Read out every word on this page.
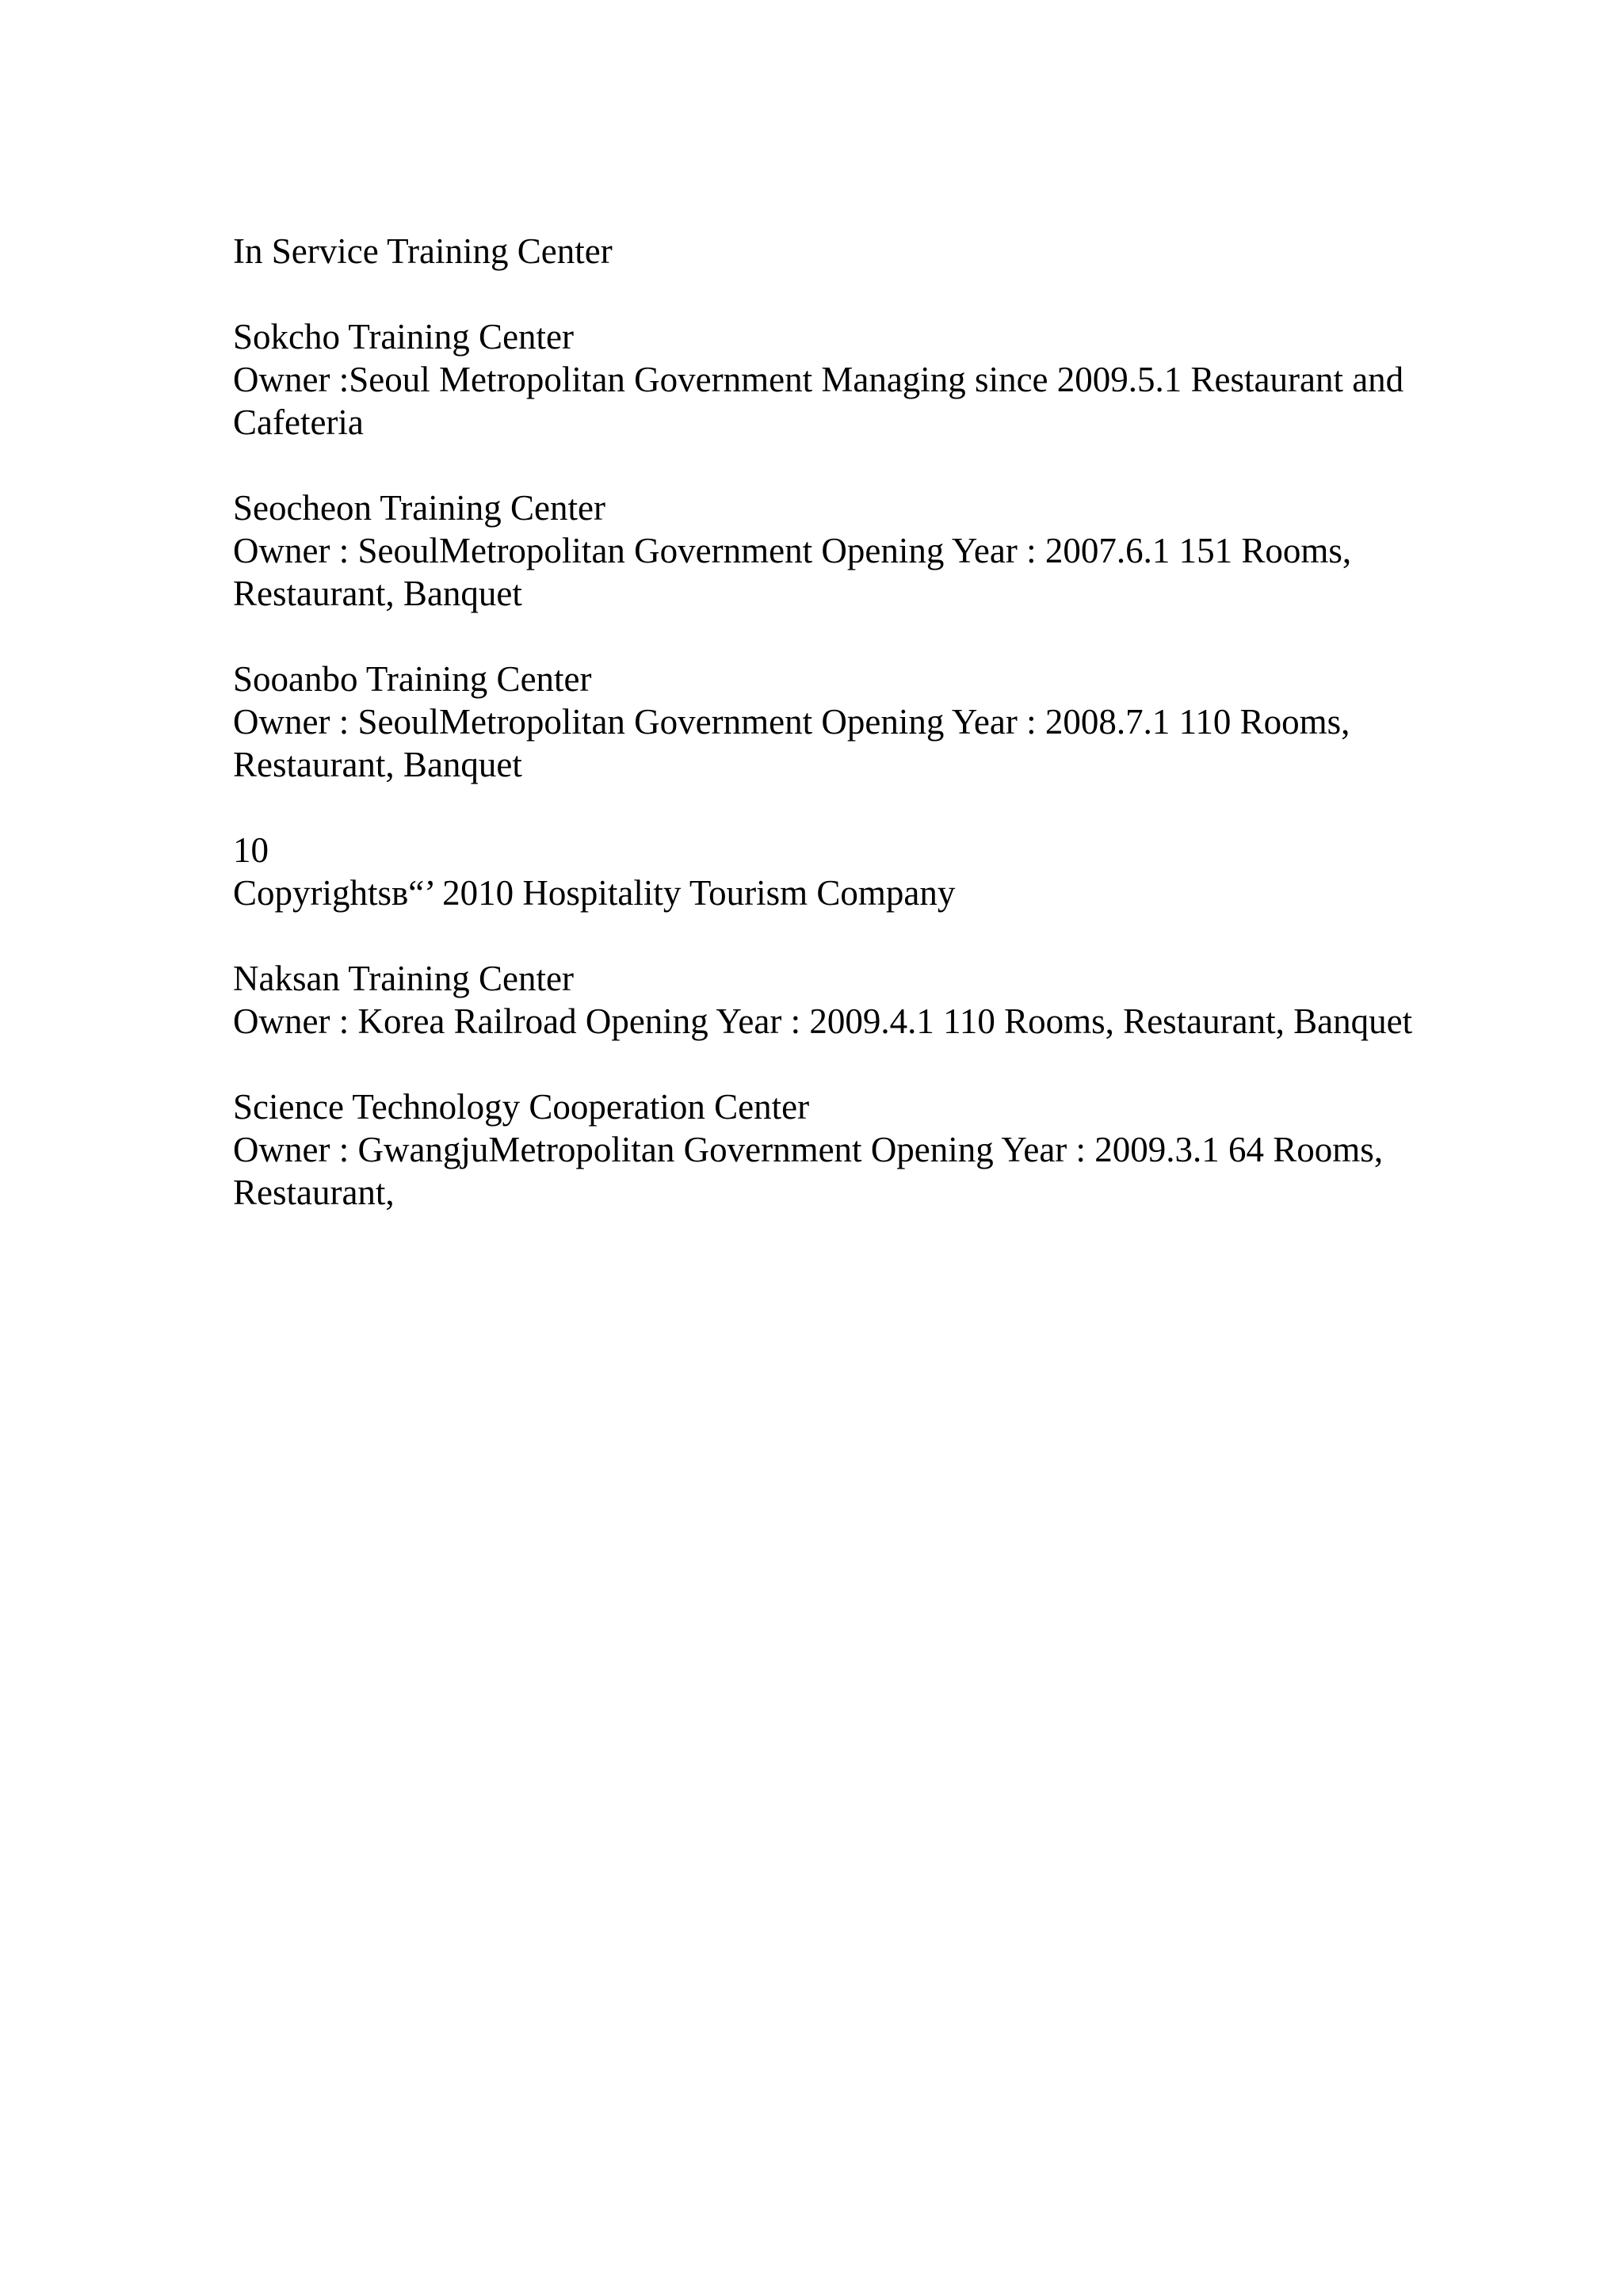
In Service Training Center
Sokcho Training Center
Owner :Seoul Metropolitan Government Managing since 2009.5.1 Restaurant and
Cafeteria
Seocheon Training Center
Owner : SeoulMetropolitan Government Opening Year : 2007.6.1 151 Rooms,
Restaurant, Banquet
Sooanbo Training Center
Owner : SeoulMetropolitan Government Opening Year : 2008.7.1 110 Rooms,
Restaurant, Banquet
10
Copyrightsв“’ 2010 Hospitality Tourism Company
Naksan Training Center
Owner : Korea Railroad Opening Year : 2009.4.1 110 Rooms, Restaurant, Banquet
Science Technology Cooperation Center
Owner : GwangjuMetropolitan Government Opening Year : 2009.3.1 64 Rooms,
Restaurant,
